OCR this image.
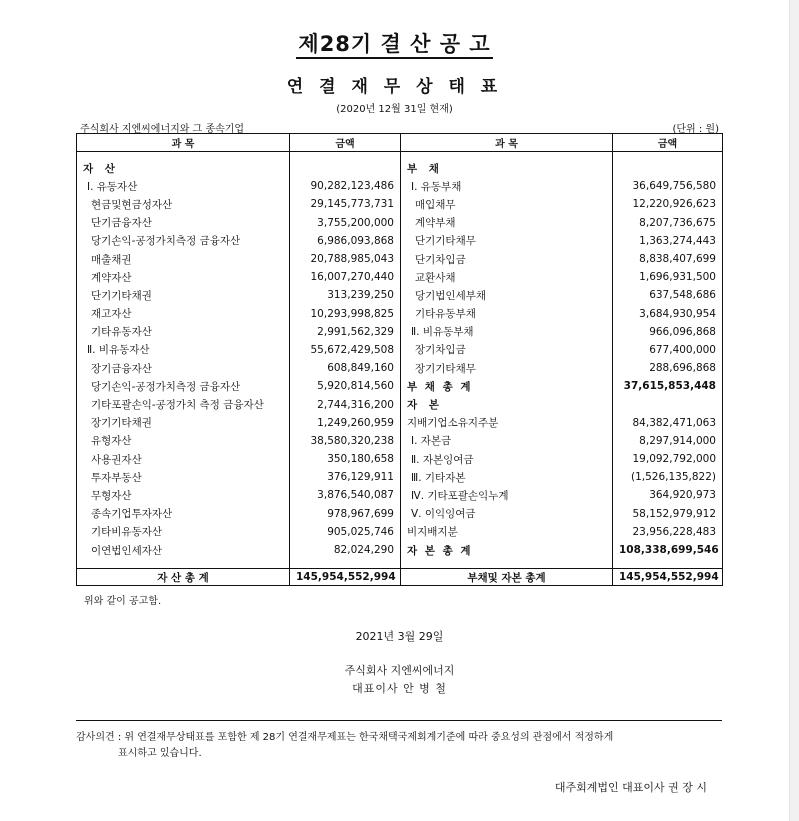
제28기 결 산 공 고
연 결 재 무 상 태 표
(2020년 12월 31일 현재)
주식회사 지엔씨에너지와 그 종속기업	(단위 : 원)
과 목	금액	과 목	금액
자 산		부 채	
Ⅰ. 유동자산	90,282,123,486	Ⅰ. 유동부채	36,649,756,580
현금및현금성자산	29,145,773,731	매입채무	12,220,926,623
단기금융자산	3,755,200,000	계약부채	8,207,736,675
당기손익-공정가치측정 금융자산	6,986,093,868	단기기타채무	1,363,274,443
매출채권	20,788,985,043	단기차입금	8,838,407,699
계약자산	16,007,270,440	교환사채	1,696,931,500
단기기타채권	313,239,250	당기법인세부채	637,548,686
재고자산	10,293,998,825	기타유동부채	3,684,930,954
기타유동자산	2,991,562,329	Ⅱ. 비유동부채	966,096,868
Ⅱ. 비유동자산	55,672,429,508	장기차입금	677,400,000
장기금융자산	608,849,160	장기기타채무	288,696,868
당기손익-공정가치측정 금융자산	5,920,814,560	부 채 총 계	37,615,853,448
기타포괄손익-공정가치 측정 금융자산	2,744,316,200	자 본	
장기기타채권	1,249,260,959	지배기업소유지주분	84,382,471,063
유형자산	38,580,320,238	Ⅰ. 자본금	8,297,914,000
사용권자산	350,180,658	Ⅱ. 자본잉여금	19,092,792,000
투자부동산	376,129,911	Ⅲ. 기타자본	(1,526,135,822)
무형자산	3,876,540,087	Ⅳ. 기타포괄손익누계	364,920,973
종속기업투자자산	978,967,699	Ⅴ. 이익잉여금	58,152,979,912
기타비유동자산	905,025,746	비지배지분	23,956,228,483
이연법인세자산	82,024,290	자 본 총 계	108,338,699,546

자 산 총 계	145,954,552,994	부채및 자본 총계	145,954,552,994
위와 같이 공고함.
2021년 3월 29일
주식회사 지엔씨에너지
대표이사 안 병 철
감사의견 : 위 연결재무상태표를 포함한 제 28기 연결재무제표는 한국채택국제회계기준에 따라 중요성의 관점에서 적정하게
표시하고 있습니다.
대주회계법인 대표이사 권 장 시
